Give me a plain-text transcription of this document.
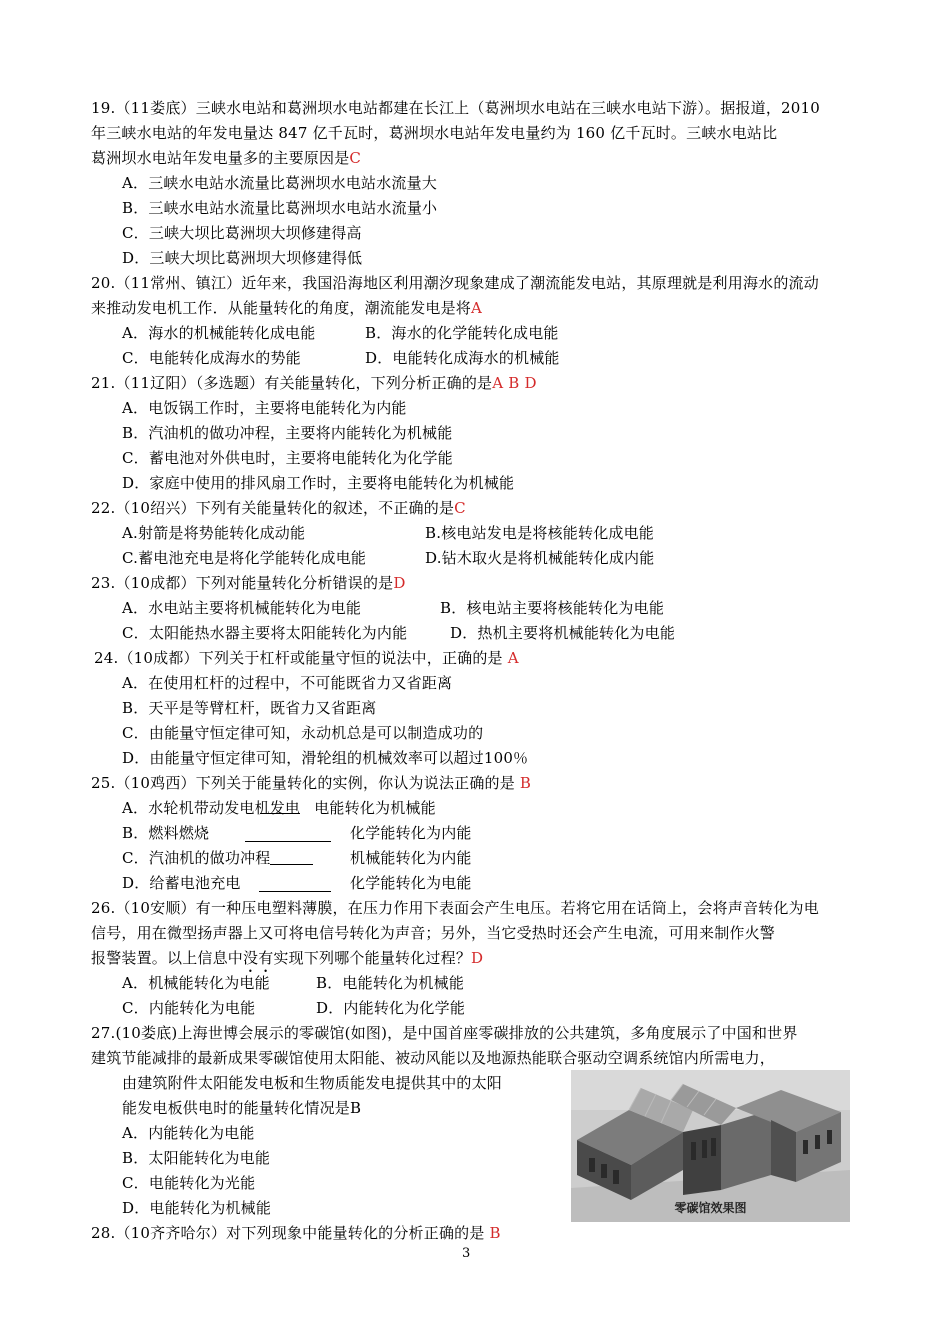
19.（11娄底）三峡水电站和葛洲坝水电站都建在长江上（葛洲坝水电站在三峡水电站下游）。据报道，2010
年三峡水电站的年发电量达 847 亿千瓦时，葛洲坝水电站年发电量约为 160 亿千瓦时。三峡水电站比
葛洲坝水电站年发电量多的主要原因是C
A．三峡水电站水流量比葛洲坝水电站水流量大
B．三峡水电站水流量比葛洲坝水电站水流量小
C．三峡大坝比葛洲坝大坝修建得高
D．三峡大坝比葛洲坝大坝修建得低
20.（11常州、镇江）近年来，我国沿海地区利用潮汐现象建成了潮流能发电站，其原理就是利用海水的流动
来推动发电机工作．从能量转化的角度，潮流能发电是将A
A．海水的机械能转化成电能	B．海水的化学能转化成电能
C．电能转化成海水的势能	D．电能转化成海水的机械能
21.（11辽阳）（多选题）有关能量转化，下列分析正确的是A B D
A．电饭锅工作时，主要将电能转化为内能
B．汽油机的做功冲程，主要将内能转化为机械能
C．蓄电池对外供电时，主要将电能转化为化学能
D．家庭中使用的排风扇工作时，主要将电能转化为机械能
22.（10绍兴）下列有关能量转化的叙述，不正确的是C
A.射箭是将势能转化成动能	B.核电站发电是将核能转化成电能
C.蓄电池充电是将化学能转化成电能	D.钻木取火是将机械能转化成内能
23.（10成都）下列对能量转化分析错误的是D
A．水电站主要将机械能转化为电能	B．核电站主要将核能转化为电能
C．太阳能热水器主要将太阳能转化为内能	D．热机主要将机械能转化为电能
24.（10成都）下列关于杠杆或能量守恒的说法中，正确的是 A
A．在使用杠杆的过程中，不可能既省力又省距离
B．天平是等臂杠杆，既省力又省距离
C．由能量守恒定律可知，永动机总是可以制造成功的
D．由能量守恒定律可知，滑轮组的机械效率可以超过100％
25.（10鸡西）下列关于能量转化的实例，你认为说法正确的是 B
A．水轮机带动发电机发电 电能转化为机械能
B．燃料燃烧	化学能转化为内能
C．汽油机的做功冲程	机械能转化为内能
D．给蓄电池充电	化学能转化为电能
26.（10安顺）有一种压电塑料薄膜，在压力作用下表面会产生电压。若将它用在话筒上，会将声音转化为电
信号，用在微型扬声器上又可将电信号转化为声音；另外，当它受热时还会产生电流，可用来制作火警
报警装置。以上信息中没有实现下列哪个能量转化过程？D
A．机械能转化为电能	B．电能转化为机械能
C．内能转化为电能	D．内能转化为化学能
27.(10娄底)上海世博会展示的零碳馆(如图)，是中国首座零碳排放的公共建筑，多角度展示了中国和世界
建筑节能减排的最新成果零碳馆使用太阳能、被动风能以及地源热能联合驱动空调系统馆内所需电力，
由建筑附件太阳能发电板和生物质能发电提供其中的太阳
能发电板供电时的能量转化情况是B
A．内能转化为电能
B．太阳能转化为电能
C．电能转化为光能
D．电能转化为机械能	零碳馆效果图
28.（10齐齐哈尔）对下列现象中能量转化的分析正确的是 B
3
